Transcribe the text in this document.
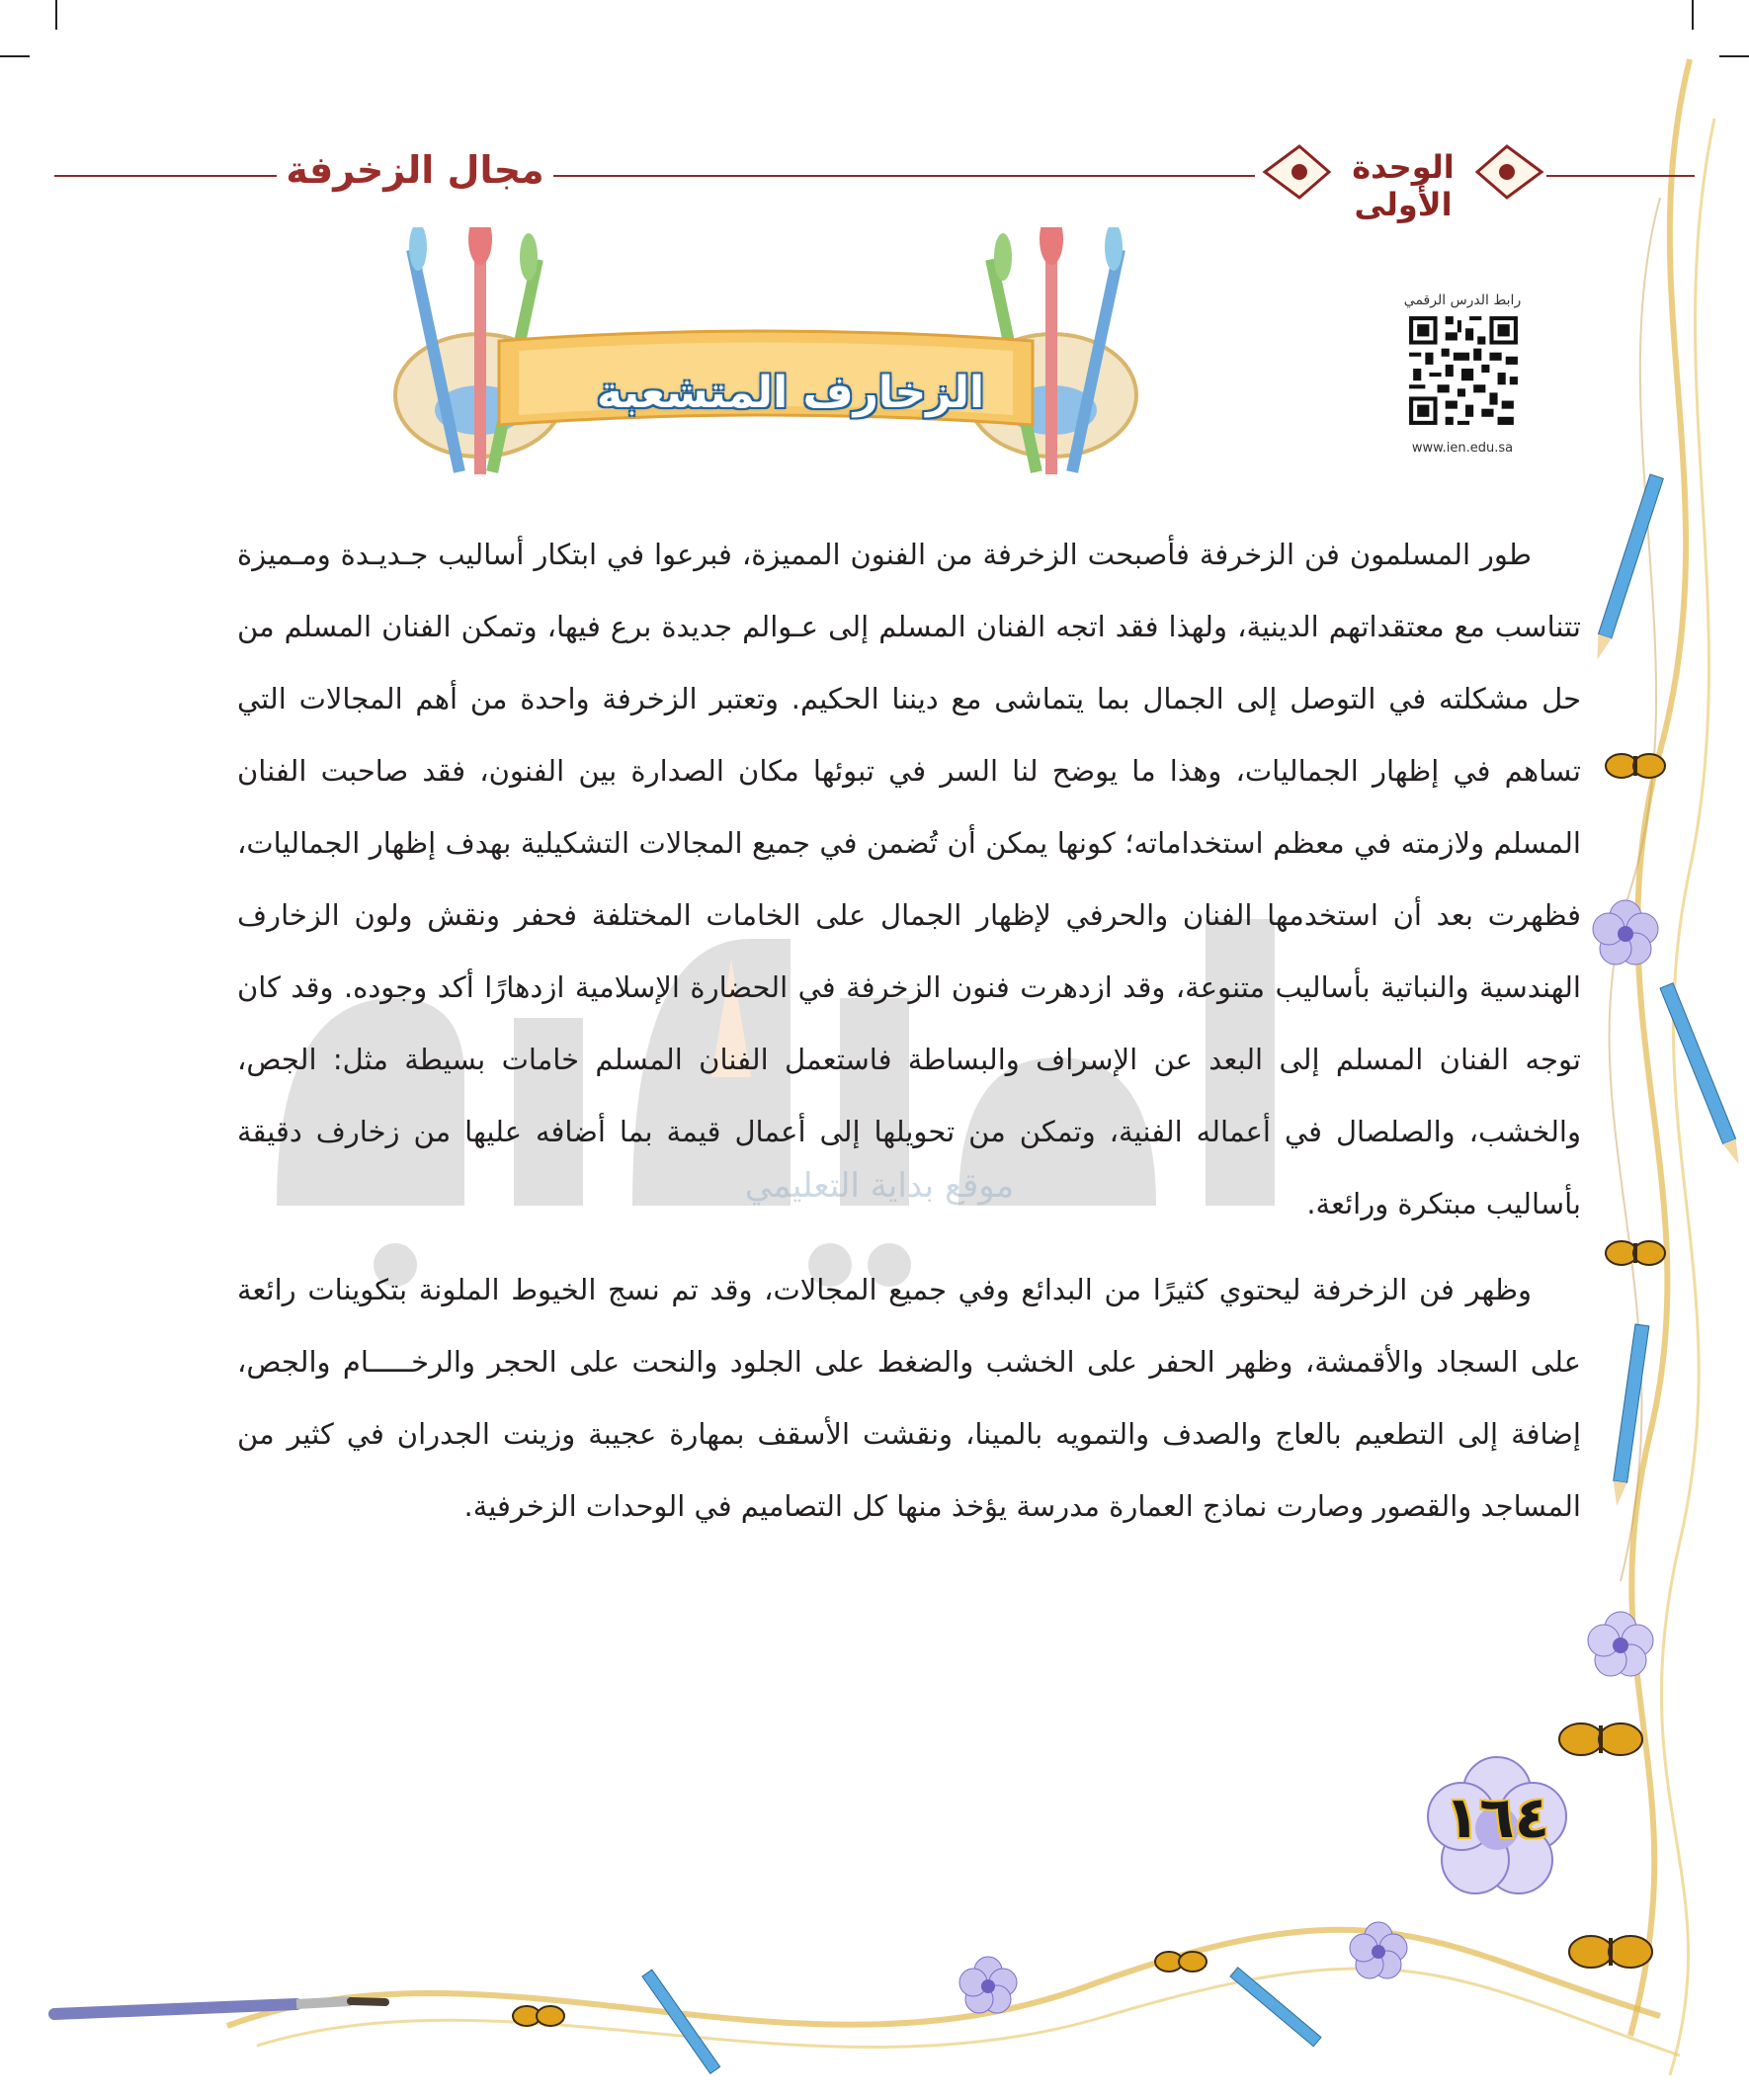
مجال الزخرفة	الوحدة الأولى
الزخارف المتشعبة
رابط الدرس الرقمي
www.ien.edu.sa
موقع بداية التعليمي

طور المسلمون فن الزخرفة فأصبحت الزخرفة من الفنون المميزة، فبرعوا في ابتكار أساليب جـديـدة ومـميزة تتناسب مع معتقداتهم الدينية، ولهذا فقد اتجه الفنان المسلم إلى عـوالم جديدة برع فيها، وتمكن الفنان المسلم من حل مشكلته في التوصل إلى الجمال بما يتماشى مع ديننا الحكيم. وتعتبر الزخرفة واحدة من أهم المجالات التي تساهم في إظهار الجماليات، وهذا ما يوضح لنا السر في تبوئها مكان الصدارة بين الفنون، فقد صاحبت الفنان المسلم ولازمته في معظم استخداماته؛ كونها يمكن أن تُضمن في جميع المجالات التشكيلية بهدف إظهار الجماليات، فظهرت بعد أن استخدمها الفنان والحرفي لإظهار الجمال على الخامات المختلفة فحفر ونقش ولون الزخارف الهندسية والنباتية بأساليب متنوعة، وقد ازدهرت فنون الزخرفة في الحضارة الإسلامية ازدهارًا أكد وجوده. وقد كان توجه الفنان المسلم إلى البعد عن الإسراف والبساطة فاستعمل الفنان المسلم خامات بسيطة مثل: الجص، والخشب، والصلصال في أعماله الفنية، وتمكن من تحويلها إلى أعمال قيمة بما أضافه عليها من زخارف دقيقة بأساليب مبتكرة ورائعة.

وظهر فن الزخرفة ليحتوي كثيرًا من البدائع وفي جميع المجالات، وقد تم نسج الخيوط الملونة بتكوينات رائعة على السجاد والأقمشة، وظهر الحفر على الخشب والضغط على الجلود والنحت على الحجر والرخـــــام والجص، إضافة إلى التطعيم بالعاج والصدف والتمويه بالمينا، ونقشت الأسقف بمهارة عجيبة وزينت الجدران في كثير من المساجد والقصور وصارت نماذج العمارة مدرسة يؤخذ منها كل التصاميم في الوحدات الزخرفية.

١٦٤
